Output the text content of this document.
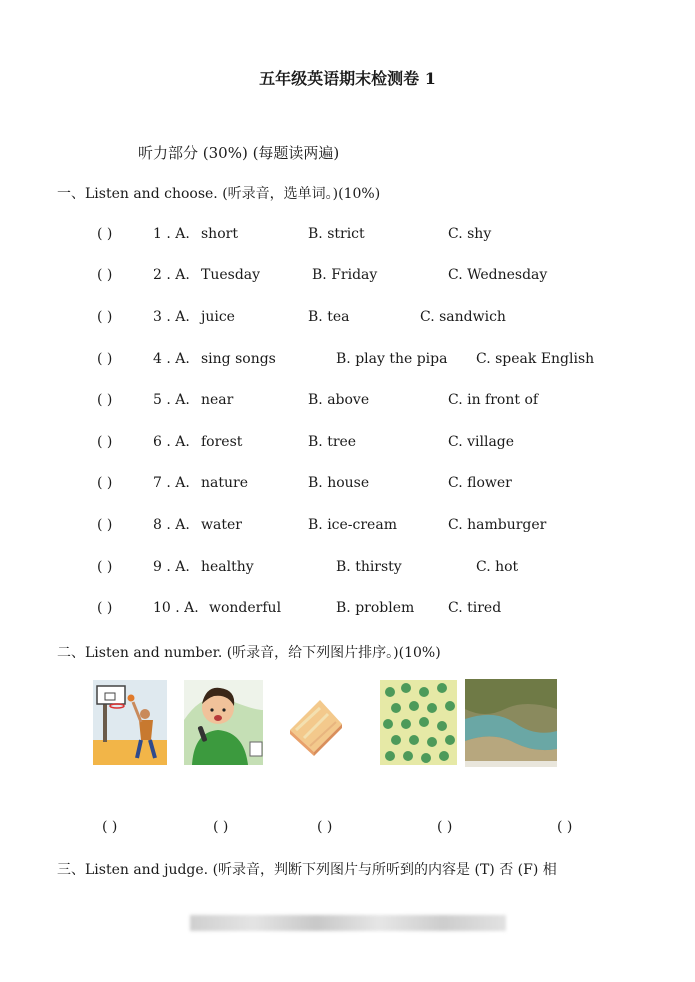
五年级英语期末检测卷 1
听力部分 (30%) (每题读两遍)
一、Listen and choose. (听录音，选单词。)(10%)
( )	1 . A. short	B. strict	C. shy
( )	2 . A. Tuesday	B. Friday	C. Wednesday
( )	3 . A. juice	B. tea	C. sandwich
( )	4 . A. sing songs	B. play the pipa C. speak English
( )	5 . A. near	B. above	C. in front of
( )	6 . A. forest	B. tree	C. village
( )	7 . A. nature	B. house	C. flower
( )	8 . A. water	B. ice-cream	C. hamburger
( )	9 . A. healthy	B. thirsty	C. hot
( )	10 . A. wonderful	B. problem C. tired
二、Listen and number. (听录音，给下列图片排序。)(10%)
( )	( )	( )	( )	( )
三、Listen and judge. (听录音，判断下列图片与所听到的内容是 (T) 否 (F) 相
